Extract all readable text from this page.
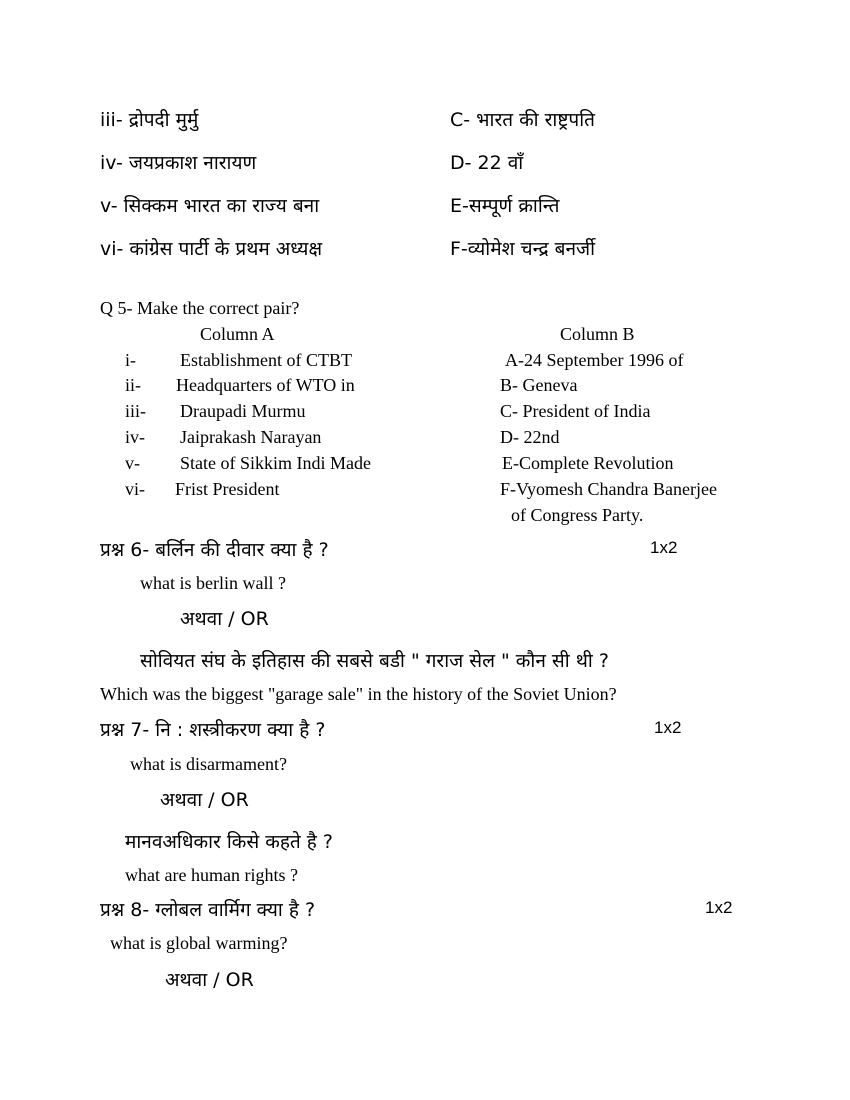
iii- द्रोपदी मुर्मु	C- भारत की राष्ट्रपति
iv- जयप्रकाश नारायण	D- 22 वाँ
v- सिक्कम भारत का राज्य बना	E-सम्पूर्ण क्रान्ति
vi- कांग्रेस पार्टी के प्रथम अध्यक्ष	F-व्योमेश चन्द्र बनर्जी
Q 5- Make the correct pair?
Column A	Column B
i- Establishment of CTBT	A-24 September 1996 of
ii- Headquarters of WTO in	B- Geneva
iii- Draupadi Murmu	C- President of India
iv- Jaiprakash Narayan	D- 22nd
v- State of Sikkim Indi Made	E-Complete Revolution
vi- Frist President	F-Vyomesh Chandra Banerjee
of Congress Party.
प्रश्न 6- बर्लिन की दीवार क्या है ?	1x2
what is berlin wall ?
अथवा / OR
सोवियत संघ के इतिहास की सबसे बडी " गराज सेल " कौन सी थी ?
Which was the biggest "garage sale" in the history of the Soviet Union?
प्रश्न 7- नि : शस्त्रीकरण क्या है ?	1x2
what is disarmament?
अथवा / OR
मानवअधिकार किसे कहते है ?
what are human rights ?
प्रश्न 8- ग्लोबल वार्मिग क्या है ?	1x2
what is global warming?
अथवा / OR
